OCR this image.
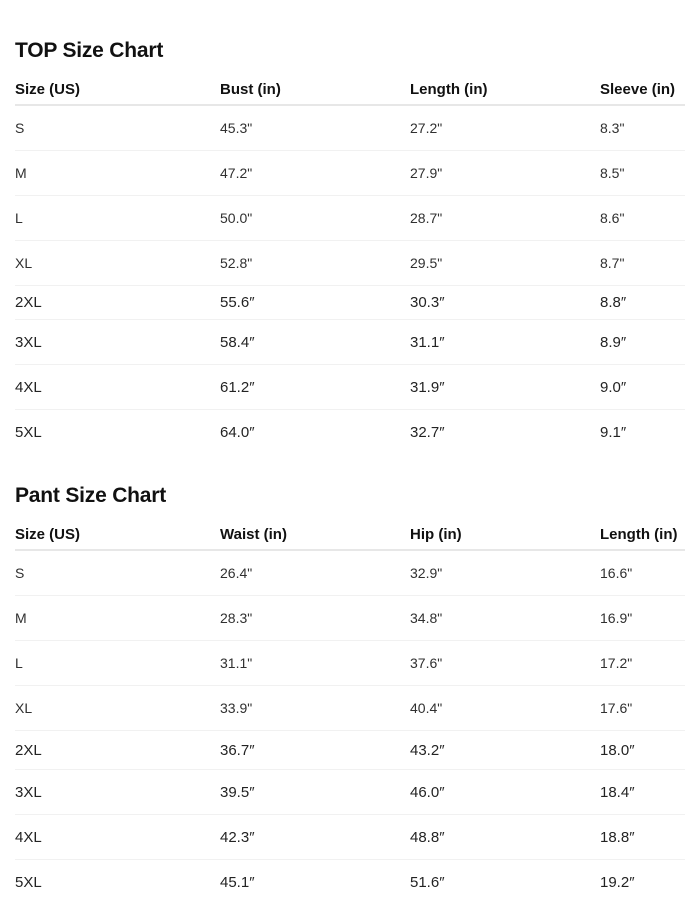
TOP Size Chart
Size (US)	Bust (in)	Length (in)	Sleeve (in)
S	45.3"	27.2"	8.3"
M	47.2"	27.9"	8.5"
L	50.0"	28.7"	8.6"
XL	52.8"	29.5"	8.7"
2XL	55.6″	30.3″	8.8″
3XL	58.4″	31.1″	8.9″
4XL	61.2″	31.9″	9.0″
5XL	64.0″	32.7″	9.1″
Pant Size Chart
Size (US)	Waist (in)	Hip (in)	Length (in)
S	26.4"	32.9"	16.6"
M	28.3"	34.8"	16.9"
L	31.1"	37.6"	17.2"
XL	33.9"	40.4"	17.6"
2XL	36.7″	43.2″	18.0″
3XL	39.5″	46.0″	18.4″
4XL	42.3″	48.8″	18.8″
5XL	45.1″	51.6″	19.2″
